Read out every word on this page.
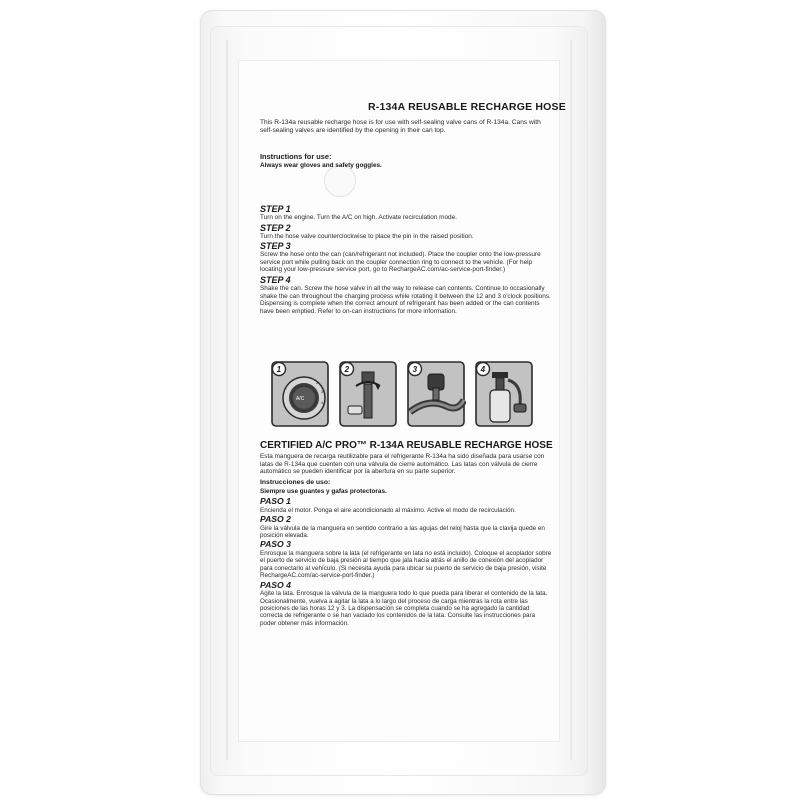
R-134A REUSABLE RECHARGE HOSE
This R-134a reusable recharge hose is for use with self-sealing valve cans of R-134a. Cans with self-sealing valves are identified by the opening in their can top.
Instructions for use:
Always wear gloves and safety goggles.

STEP 1

Turn on the engine. Turn the A/C on high. Activate recirculation mode.

STEP 2

Turn the hose valve counterclockwise to place the pin in the raised position.

STEP 3

Screw the hose onto the can (can/refrigerant not included). Place the coupler onto the low-pressure service port while pulling back on the coupler connection ring to connect to the vehicle. (For help locating your low-pressure service port, go to RechargeAC.com/ac-service-port-finder.)

STEP 4

Shake the can. Screw the hose valve in all the way to release can contents. Continue to occasionally shake the can throughout the charging process while rotating it between the 12 and 3 o'clock positions. Dispensing is complete when the correct amount of refrigerant has been added or the can contents have been emptied. Refer to on-can instructions for more information.

A/C
2
3
4
1	2	3	4
CERTIFIED A/C PRO™ R-134A REUSABLE RECHARGE HOSE
Esta manguera de recarga reutilizable para el refrigerante R-134a ha sido diseñada para usarse con latas de R-134a que cuenten con una válvula de cierre automático. Las latas con válvula de cierre automático se pueden identificar por la abertura en su parte superior.
Instrucciones de uso:
Siempre use guantes y gafas protectoras.

PASO 1

Encienda el motor. Ponga el aire acondicionado al máximo. Active el modo de recirculación.

PASO 2

Gire la válvula de la manguera en sentido contrario a las agujas del reloj hasta que la clavija quede en posición elevada.

PASO 3

Enrosque la manguera sobre la lata (el refrigerante en lata no está incluido). Coloque el acoplador sobre el puerto de servicio de baja presión al tiempo que jala hacia atrás el anillo de conexión del acoplador para conectarlo al vehículo. (Si necesita ayuda para ubicar su puerto de servicio de baja presión, visite RechargeAC.com/ac-service-port-finder.)

PASO 4

Agite la lata. Enrosque la válvula de la manguera todo lo que pueda para liberar el contenido de la lata. Ocasionalmente, vuelva a agitar la lata a lo largo del proceso de carga mientras la rota entre las posiciones de las horas 12 y 3. La dispensación se completa cuando se ha agregado la cantidad correcta de refrigerante o se han vaciado los contenidos de la lata. Consulte las instrucciones para poder obtener más información.
